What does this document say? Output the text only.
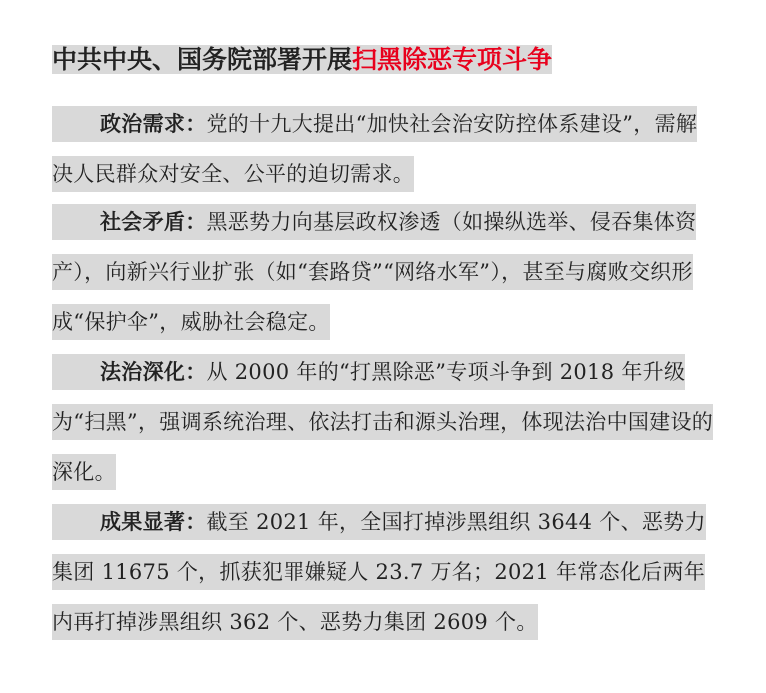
中共中央、国务院部署开展扫黑除恶专项斗争
政治需求：党的十九大提出“加快社会治安防控体系建设”，需解决人民群众对安全、公平的迫切需求。
社会矛盾：黑恶势力向基层政权渗透（如操纵选举、侵吞集体资产），向新兴行业扩张（如“套路贷”“网络水军”），甚至与腐败交织形成“保护伞”，威胁社会稳定。
法治深化：从 2000 年的“打黑除恶”专项斗争到 2018 年升级为“扫黑”，强调系统治理、依法打击和源头治理，体现法治中国建设的深化。
成果显著：截至 2021 年，全国打掉涉黑组织 3644 个、恶势力集团 11675 个，抓获犯罪嫌疑人 23.7 万名；2021 年常态化后两年内再打掉涉黑组织 362 个、恶势力集团 2609 个。
